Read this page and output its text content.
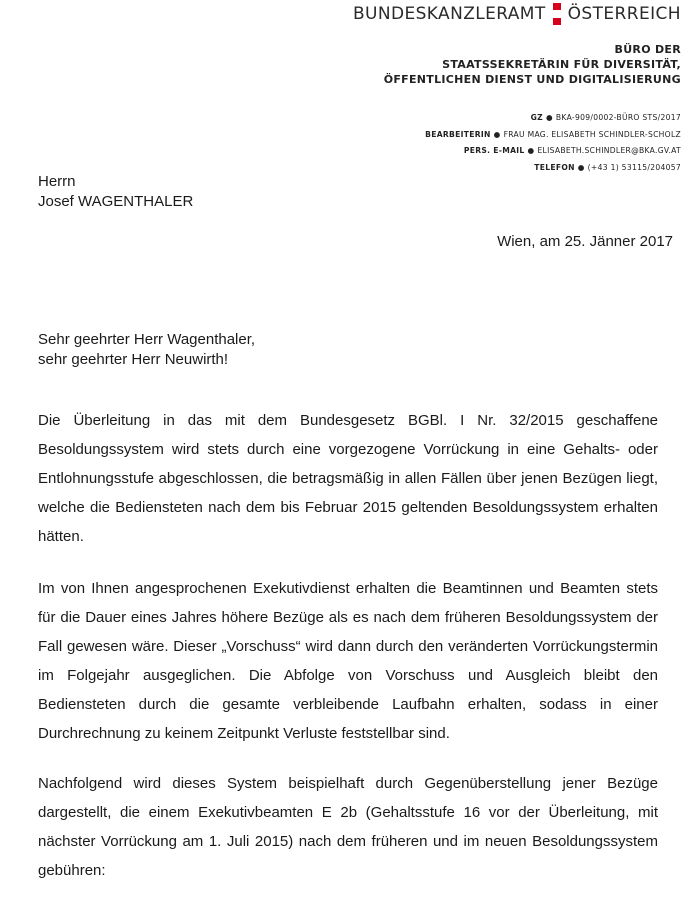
BUNDESKANZLERAMT ÖSTERREICH
BÜRO DER
STAATSSEKRETÄRIN FÜR DIVERSITÄT,
ÖFFENTLICHEN DIENST UND DIGITALISIERUNG
GZ ● BKA-909/0002-BÜRO STS/2017
BEARBEITERIN ● FRAU MAG. ELISABETH SCHINDLER-SCHOLZ
PERS. E-MAIL ● ELISABETH.SCHINDLER@BKA.GV.AT
TELEFON ● (+43 1) 53115/204057
Herrn
Josef WAGENTHALER
Wien, am 25. Jänner 2017
Sehr geehrter Herr Wagenthaler,
sehr geehrter Herr Neuwirth!

Die Überleitung in das mit dem Bundesgesetz BGBl. I Nr. 32/2015 geschaffene Besoldungssystem wird stets durch eine vorgezogene Vorrückung in eine Gehalts- oder Entlohnungsstufe abgeschlossen, die betragsmäßig in allen Fällen über jenen Bezügen liegt, welche die Bediensteten nach dem bis Februar 2015 geltenden Besoldungssystem erhalten hätten.

Im von Ihnen angesprochenen Exekutivdienst erhalten die Beamtinnen und Beamten stets für die Dauer eines Jahres höhere Bezüge als es nach dem früheren Besoldungssystem der Fall gewesen wäre. Dieser „Vorschuss“ wird dann durch den veränderten Vorrückungstermin im Folgejahr ausgeglichen. Die Abfolge von Vorschuss und Ausgleich bleibt den Bediensteten durch die gesamte verbleibende Laufbahn erhalten, sodass in einer Durchrechnung zu keinem Zeitpunkt Verluste feststellbar sind.

Nachfolgend wird dieses System beispielhaft durch Gegenüberstellung jener Bezüge dargestellt, die einem Exekutivbeamten E 2b (Gehaltsstufe 16 vor der Überleitung, mit nächster Vorrückung am 1. Juli 2015) nach dem früheren und im neuen Besoldungssystem gebühren:
